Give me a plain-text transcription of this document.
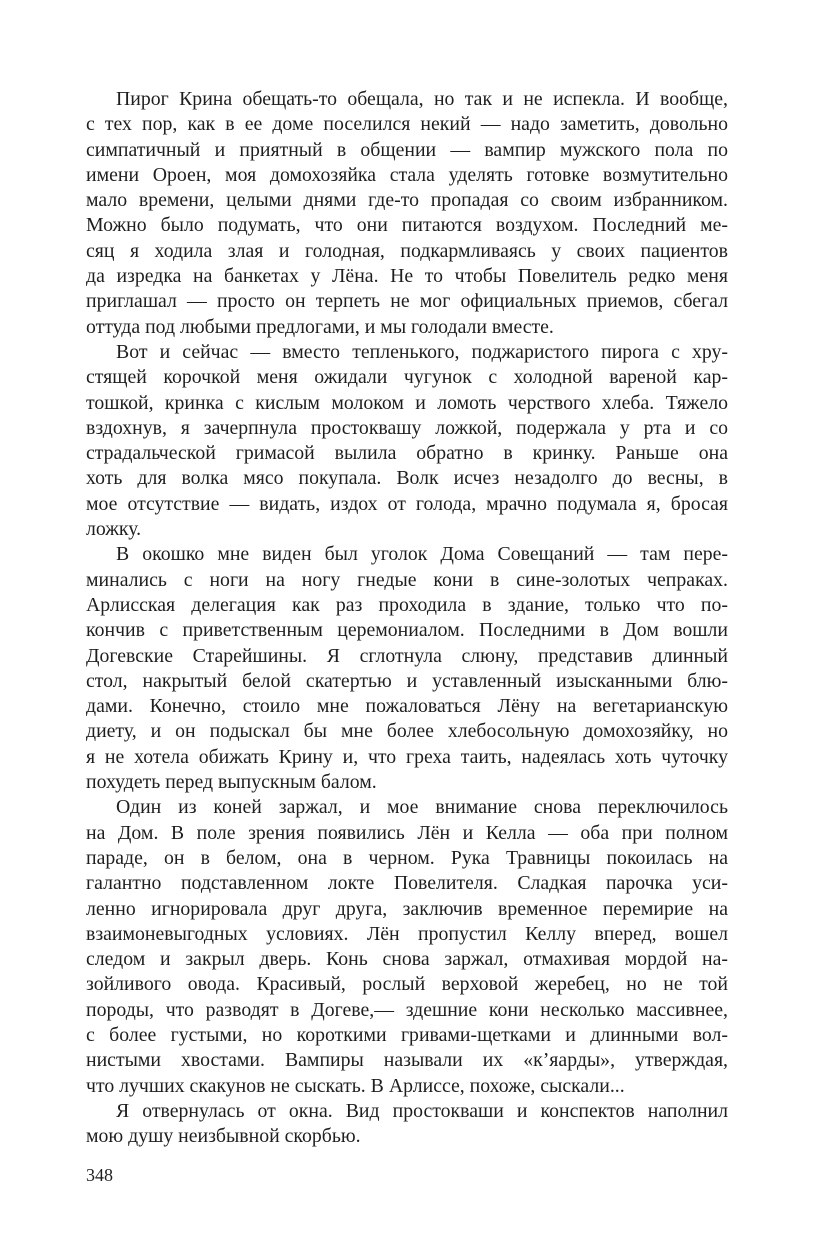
Пирог Крина обещать-то обещала, но так и не испекла. И вообще,
с тех пор, как в ее доме поселился некий — надо заметить, довольно
симпатичный и приятный в общении — вампир мужского пола по
имени Ороен, моя домохозяйка стала уделять готовке возмутительно
мало времени, целыми днями где-то пропадая со своим избранником.
Можно было подумать, что они питаются воздухом. Последний ме-
сяц я ходила злая и голодная, подкармливаясь у своих пациентов
да изредка на банкетах у Лёна. Не то чтобы Повелитель редко меня
приглашал — просто он терпеть не мог официальных приемов, сбегал
оттуда под любыми предлогами, и мы голодали вместе.
Вот и сейчас — вместо тепленького, поджаристого пирога с хру-
стящей корочкой меня ожидали чугунок с холодной вареной кар-
тошкой, кринка с кислым молоком и ломоть черствого хлеба. Тяжело
вздохнув, я зачерпнула простоквашу ложкой, подержала у рта и со
страдальческой гримасой вылила обратно в кринку. Раньше она
хоть для волка мясо покупала. Волк исчез незадолго до весны, в
мое отсутствие — видать, издох от голода, мрачно подумала я, бросая
ложку.
В окошко мне виден был уголок Дома Совещаний — там пере-
минались с ноги на ногу гнедые кони в сине-золотых чепраках.
Арлисская делегация как раз проходила в здание, только что по-
кончив с приветственным церемониалом. Последними в Дом вошли
Догевские Старейшины. Я сглотнула слюну, представив длинный
стол, накрытый белой скатертью и уставленный изысканными блю-
дами. Конечно, стоило мне пожаловаться Лёну на вегетарианскую
диету, и он подыскал бы мне более хлебосольную домохозяйку, но
я не хотела обижать Крину и, что греха таить, надеялась хоть чуточку
похудеть перед выпускным балом.
Один из коней заржал, и мое внимание снова переключилось
на Дом. В поле зрения появились Лён и Келла — оба при полном
параде, он в белом, она в черном. Рука Травницы покоилась на
галантно подставленном локте Повелителя. Сладкая парочка уси-
ленно игнорировала друг друга, заключив временное перемирие на
взаимоневыгодных условиях. Лён пропустил Келлу вперед, вошел
следом и закрыл дверь. Конь снова заржал, отмахивая мордой на-
зойливого овода. Красивый, рослый верховой жеребец, но не той
породы, что разводят в Догеве,— здешние кони несколько массивнее,
с более густыми, но короткими гривами-щетками и длинными вол-
нистыми хвостами. Вампиры называли их «к’яарды», утверждая,
что лучших скакунов не сыскать. В Арлиссе, похоже, сыскали...
Я отвернулась от окна. Вид простокваши и конспектов наполнил
мою душу неизбывной скорбью.
348
